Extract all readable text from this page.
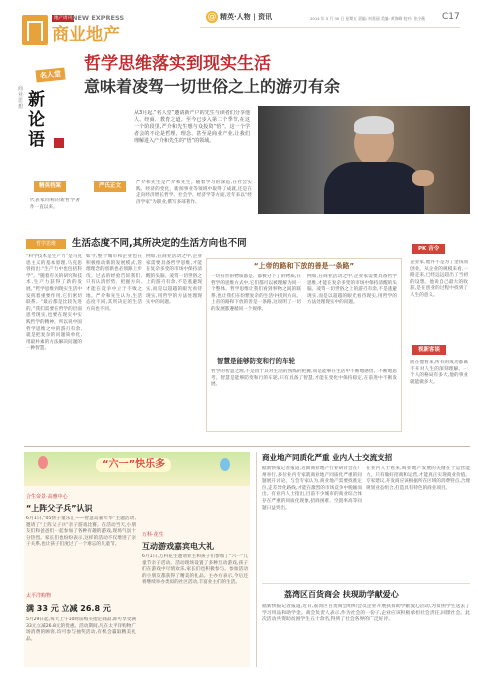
地产周刊 NEW EXPRESS
商业地产
@ 精英·人物 | 资讯	2014 年 5 月 30 日 星期五 责编: 何嘉丽 美编: 黄海峰 校对: 张少薇	C17
名人堂
商业·思想 新论语
哲学思维落实到现实生活
意味着凌驾一切世俗之上的游刃有余
从3月起,“名人堂”邀请新产户的先生与读者们分享他人、经商、教育之道。至今已步入第二个季节,在这一个阶段里,严介和先生想与众投资“悟”。这一个学者会的不论是哲理、理念、甚至是商业产业,让我们理解进入产介和先生的“悟”的领域。
精英档案
代表家同称的新哲学著作一直以来。
严氏正文
严介和先生是严介和先生。随着学习的深造,在社会实践、经济的变化、新闻事业等领域中取得了成就,还是在走向经济增长哲学、社会学、经济学等方面,近年来以“经济学家”为职业,撰写多部著作。
哲学思维	生活态度不同,其所决定的生活方向也不同
“科学技术是生产力”是马克思主义的基本原理,马克思曾指出:“生产力中也包括科学”。“随着有关的研究和技术,生产力获得了新的发展。”哲学思维到现实生活中发挥着重要作用,它们密切联系。“最后都是比较先进的。”我们需要在哲学的层面思考现实,也要在现实中实践哲学的精神。所以说中国哲学思维之中的游刃有余,就是把复杂的问题简单化,用最朴素的方法解决问题的一种智慧。
如今,整个城市和企业也在积极推动新的发展模式,管理理念的创新也必须跟上步伐。过去的经验告诉我们,只有认清形势、把握方向,才能在竞争中立于不败之地。严介和先生认为,生活态度不同,其所决定的生活方向也不同。
例如,在商业活动之中,企业家需要具备哲学思维,才能在复杂多变的市场中保持清醒的头脑。凌驾一切世俗之上的游刃有余,不是逃避现实,而是以超越的眼光看待现实,用哲学的方法处理现实中的问题。
“上帝的路和下放的善是一条路”
一切有形的物质都是、都被分下了的物质,在哲学的思维方式中,它们都可以被理解为同一个整体。哲学思维让我们看到事物之间的联系,也让我们在纷繁复杂的生活中找到方向。上帝的路和下放的善是一条路,这说明了一切的发展都遵循同一个规律。
例如,在商业活动之中,企业家需要具备哲学思维,才能在复杂多变的市场中保持清醒的头脑。凌驾一切世俗之上的游刃有余,不是逃避现实,而是以超越的眼光看待现实,用哲学的方法处理现实中的问题。
智慧是能够防变和行的车轮
哲学的智慧之源,不是由于其对生活的熟练的把握,而是能够在生活中不断地感悟、不断地思考。智慧是能够防变和行的车轮,只有具备了智慧,才能在变化中保持稳定,在前进中不断发展。
PK 吉令
企业家,他并不是为了金钱而创业。从企业的规模来看,一路走来,已经远远超出了当初的设想。他说自己最大的收获,是在创业的过程中找到了人生的意义。
视新客谈
而在他看来,所有的成功都离不开对人生的深刻理解。一个人的格局有多大,他的事业就能做多大。
“六一”快乐多
合生帝景·高雅中心
“上阵父子兵”认识
6月1日,“05快子童乐汇——智慧岛嘉年华”主题活动,邀请了“上阵父子兵”亲子游戏比赛。在活动当天,小朋友们和爸爸们一起参加了各种有趣的游戏,现场气氛十分热烈。家长们也纷纷表示,这样的活动不仅增进了亲子关系,也让孩子们度过了一个难忘的儿童节。
万科·花生
互动游戏嘉宾电大礼
6月1日,万科花生邀请业主和孩子们参加了“六一”儿童节亲子活动。活动现场设置了多种互动游戏,孩子们在游戏中尽情欢乐,家长们也积极参与。参加活动的小朋友都获得了精美的礼品。主办方表示,今后还将继续举办类似的社区活动,丰富业主们的生活。
太平洋购物
满 33 元 立减 26.8 元
5月29日起,每天上午10时前购买指定商品,即可享受满33元立减26.8元的优惠。活动期间,凡在太平洋购物广场消费的顾客,均可参与抽奖活动,有机会赢取精美礼品。
商业地产同质化严重 业内人士交流支招
据新快报记者报道,近期商业地产行业研讨会在广州举行,多位业内专家就商业地产同质化严重的问题展开讨论。与会专家认为,商业地产需要找准定位,走差异化路线,才能在激烈的市场竞争中脱颖而出。有业内人士指出,目前不少城市的商业综合体存在严重的同质化现象,招商困难、空置率高等问题日益突出。
在业内人士看来,商业地产发展的关键在于运营能力。只有做好招商和运营,才能真正实现商业价值。专家建议,开发商应该根据所在区域的消费特点,合理规划业态组合,打造具有特色的商业项目。
荔湾区百货商会 扶现助学献爱心
据新快报记者报道,近日,荔湾区百货商会组织会员企业开展扶贫助学献爱心活动,为贫困学生送去了学习用品和助学金。商会负责人表示,作为社会的一份子,企业应该积极承担社会责任,回馈社会。此次活动共资助贫困学生五十余名,得到了社会各界的广泛好评。
